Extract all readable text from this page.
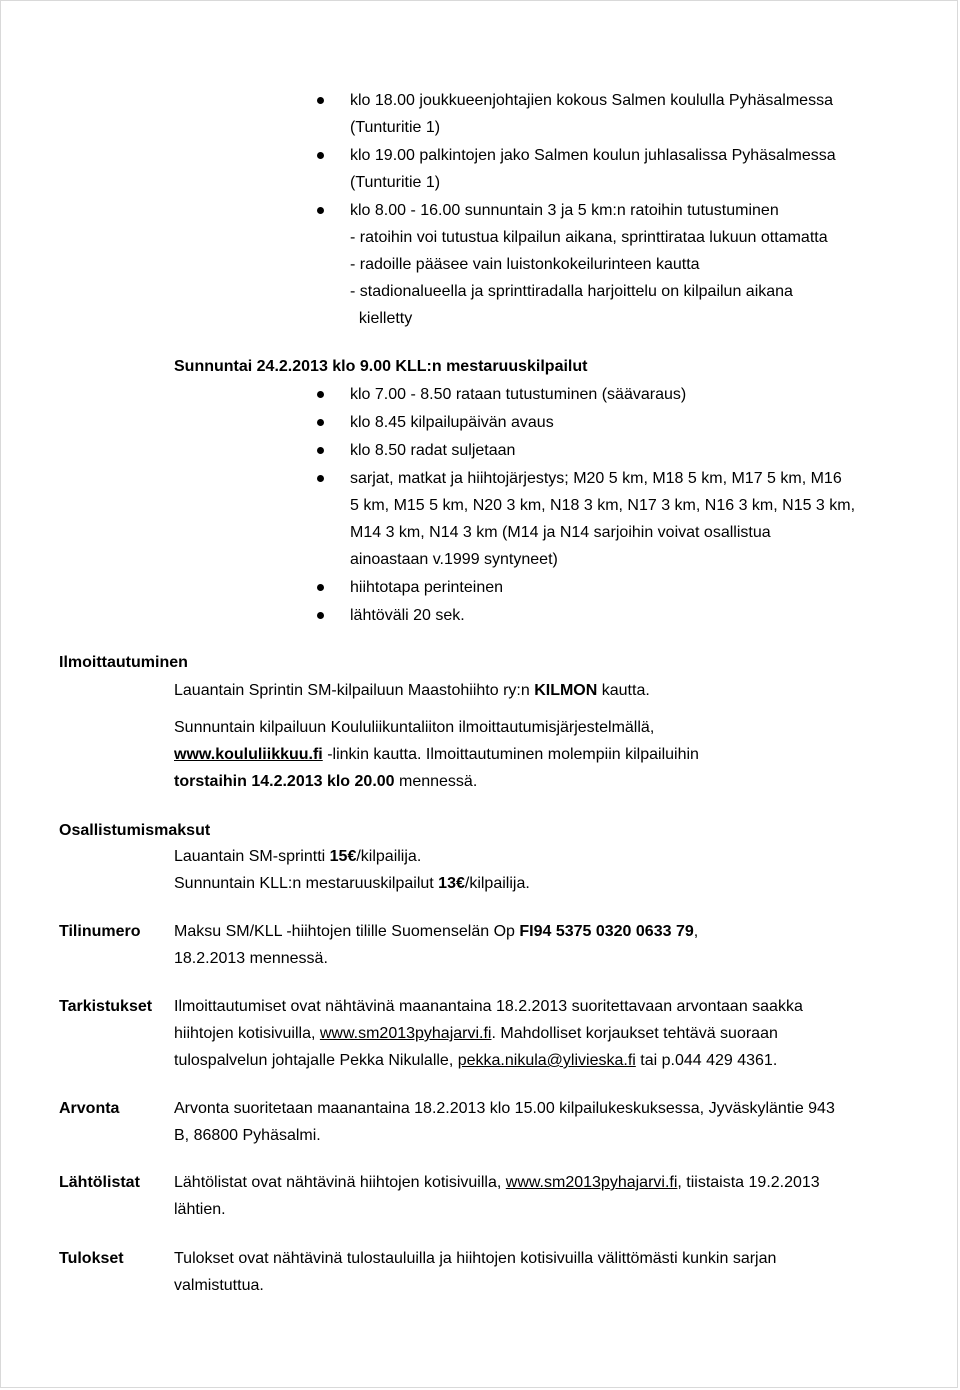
klo 18.00 joukkueenjohtajien kokous Salmen koululla Pyhäsalmessa
(Tunturitie 1)
klo 19.00 palkintojen jako Salmen koulun juhlasalissa Pyhäsalmessa
(Tunturitie 1)
klo 8.00 - 16.00 sunnuntain 3 ja 5 km:n ratoihin tutustuminen
- ratoihin voi tutustua kilpailun aikana, sprinttirataa lukuun ottamatta
- radoille pääsee vain luistonkokeilurinteen kautta
- stadionalueella ja sprinttiradalla harjoittelu on kilpailun aikana
kielletty
Sunnuntai 24.2.2013 klo 9.00 KLL:n mestaruuskilpailut
klo 7.00 - 8.50 rataan tutustuminen (säävaraus)
klo 8.45 kilpailupäivän avaus
klo 8.50 radat suljetaan
sarjat, matkat ja hiihtojärjestys; M20 5 km, M18 5 km, M17 5 km, M16
5 km, M15 5 km, N20 3 km, N18 3 km, N17 3 km, N16 3 km, N15 3 km,
M14 3 km, N14 3 km (M14 ja N14 sarjoihin voivat osallistua
ainoastaan v.1999 syntyneet)
hiihtotapa perinteinen
lähtöväli 20 sek.
Ilmoittautuminen
Lauantain Sprintin SM-kilpailuun Maastohiihto ry:n KILMON kautta.
Sunnuntain kilpailuun Koululiikuntaliiton ilmoittautumisjärjestelmällä,
www.koululiikkuu.fi -linkin kautta. Ilmoittautuminen molempiin kilpailuihin
torstaihin 14.2.2013 klo 20.00 mennessä.
Osallistumismaksut
Lauantain SM-sprintti 15€/kilpailija.
Sunnuntain KLL:n mestaruuskilpailut 13€/kilpailija.
Tilinumero Maksu SM/KLL -hiihtojen tilille Suomenselän Op FI94 5375 0320 0633 79,
18.2.2013 mennessä.
Tarkistukset Ilmoittautumiset ovat nähtävinä maanantaina 18.2.2013 suoritettavaan arvontaan saakka
hiihtojen kotisivuilla, www.sm2013pyhajarvi.fi. Mahdolliset korjaukset tehtävä suoraan
tulospalvelun johtajalle Pekka Nikulalle, pekka.nikula@ylivieska.fi tai p.044 429 4361.
Arvonta	Arvonta suoritetaan maanantaina 18.2.2013 klo 15.00 kilpailukeskuksessa, Jyväskyläntie 943
B, 86800 Pyhäsalmi.
Lähtölistat Lähtölistat ovat nähtävinä hiihtojen kotisivuilla, www.sm2013pyhajarvi.fi, tiistaista 19.2.2013
lähtien.
Tulokset	Tulokset ovat nähtävinä tulostauluilla ja hiihtojen kotisivuilla välittömästi kunkin sarjan
valmistuttua.
